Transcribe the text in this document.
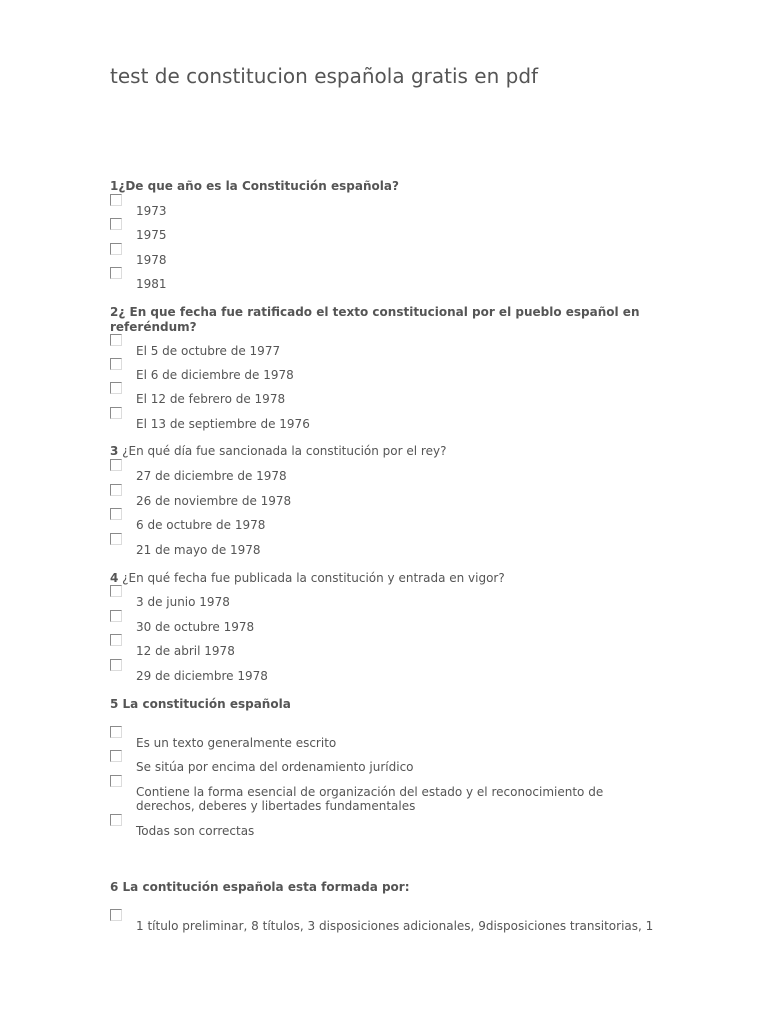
test de constitucion española gratis en pdf
1¿De que año es la Constitución española?
1973
1975
1978
1981
2¿ En que fecha fue ratificado el texto constitucional por el pueblo español en referéndum?
El 5 de octubre de 1977
El 6 de diciembre de 1978
El 12 de febrero de 1978
El 13 de septiembre de 1976
3 ¿En qué día fue sancionada la constitución por el rey?
27 de diciembre de 1978
26 de noviembre de 1978
6 de octubre de 1978
21 de mayo de 1978
4 ¿En qué fecha fue publicada la constitución y entrada en vigor?
3 de junio 1978
30 de octubre 1978
12 de abril 1978
29 de diciembre 1978
5 La constitución española
Es un texto generalmente escrito
Se sitúa por encima del ordenamiento jurídico
Contiene la forma esencial de organización del estado y el reconocimiento de derechos, deberes y libertades fundamentales
Todas son correctas
6 La contitución española esta formada por:
1 título preliminar, 8 títulos, 3 disposiciones adicionales, 9disposiciones transitorias, 1
